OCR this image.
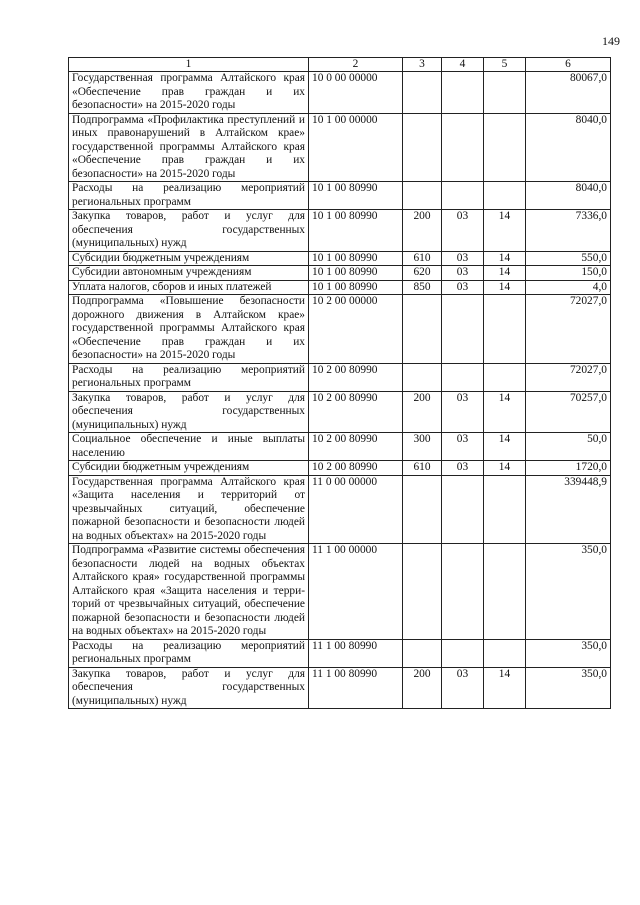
149
1	2	3	4	5	6
Государственная программа Алтайского края «Обеспечение прав граждан и их безопасности» на 2015-2020 годы	10 0 00 00000				80067,0
Подпрограмма «Профилактика преступлений и иных правонарушений в Алтайском крае» государственной программы Алтайского края «Обеспечение прав граждан и их безопасности» на 2015-2020 годы	10 1 00 00000				8040,0
Расходы на реализацию мероприятий региональных программ	10 1 00 80990				8040,0
Закупка товаров, работ и услуг для обеспечения государственных (муниципальных) нужд	10 1 00 80990	200	03	14	7336,0
Субсидии бюджетным учреждениям	10 1 00 80990	610	03	14	550,0
Субсидии автономным учреждениям	10 1 00 80990	620	03	14	150,0
Уплата налогов, сборов и иных платежей	10 1 00 80990	850	03	14	4,0
Подпрограмма «Повышение безопасности дорожного движения в Алтайском крае» государственной программы Алтайского края «Обеспечение прав граждан и их безопасности» на 2015-2020 годы	10 2 00 00000				72027,0
Расходы на реализацию мероприятий региональных программ	10 2 00 80990				72027,0
Закупка товаров, работ и услуг для обеспечения государственных (муниципальных) нужд	10 2 00 80990	200	03	14	70257,0
Социальное обеспечение и иные выплаты населению	10 2 00 80990	300	03	14	50,0
Субсидии бюджетным учреждениям	10 2 00 80990	610	03	14	1720,0
Государственная программа Алтайского края «Защита населения и территорий от чрезвычайных ситуаций, обеспечение пожарной безопасности и безопасности людей на водных объектах» на 2015-2020 годы	11 0 00 00000				339448,9
Подпрограмма «Развитие системы обеспечения безопасности людей на водных объектах Алтайского края» государственной программы Алтайского края «Защита населения и территорий от чрезвычайных ситуаций, обеспечение пожарной безопасности и безопасности людей на водных объектах» на 2015-2020 годы	11 1 00 00000				350,0
Расходы на реализацию мероприятий региональных программ	11 1 00 80990				350,0
Закупка товаров, работ и услуг для обеспечения государственных (муниципальных) нужд	11 1 00 80990	200	03	14	350,0
